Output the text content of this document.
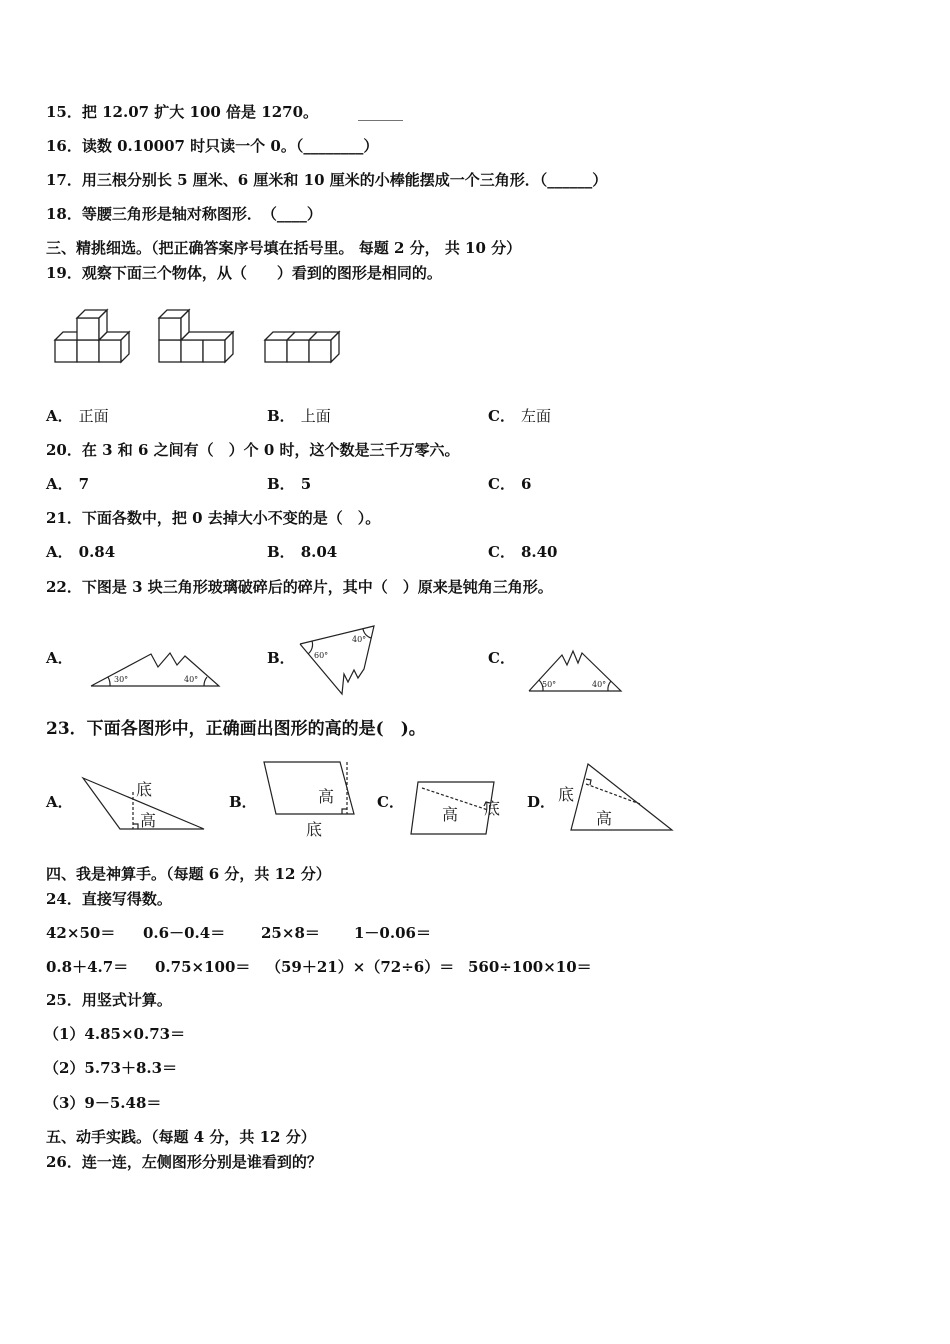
15．把 12.07 扩大 100 倍是 1270。	______
16．读数 0.10007 时只读一个 0。（________）
17．用三根分别长 5 厘米、6 厘米和 10 厘米的小棒能摆成一个三角形．（______）
18．等腰三角形是轴对称图形．　（____）
三、精挑细选。（把正确答案序号填在括号里。 每题 2 分， 共 10 分）
19．观察下面三个物体，从（　　）看到的图形是相同的。
A． 正面	B． 上面	C． 左面
20．在 3 和 6 之间有（　）个 0 时，这个数是三千万零六。
A． 7	B． 5	C． 6
21．下面各数中，把 0 去掉大小不变的是（　）。
A． 0.84	B． 8.04	C． 8.40
22．下图是 3 块三角形玻璃破碎后的碎片，其中（　）原来是钝角三角形。
A．	B．	C．
30°	40°
60°
40°
50°	40°
23．下面各图形中，正确画出图形的高的是(　)。
A．	B．	C．	D．
底
高
高
底
高 底
底
高
四、我是神算手。（每题 6 分，共 12 分）
24．直接写得数。
42×50＝ 0.6－0.4＝ 25×8＝ 1－0.06＝
0.8＋4.7＝ 0.75×100＝ （59＋21）×（72÷6）＝ 560÷100×10＝
25．用竖式计算。
（1）4.85×0.73＝
（2）5.73＋8.3＝
（3）9－5.48＝
五、动手实践。（每题 4 分，共 12 分）
26．连一连，左侧图形分别是谁看到的？
